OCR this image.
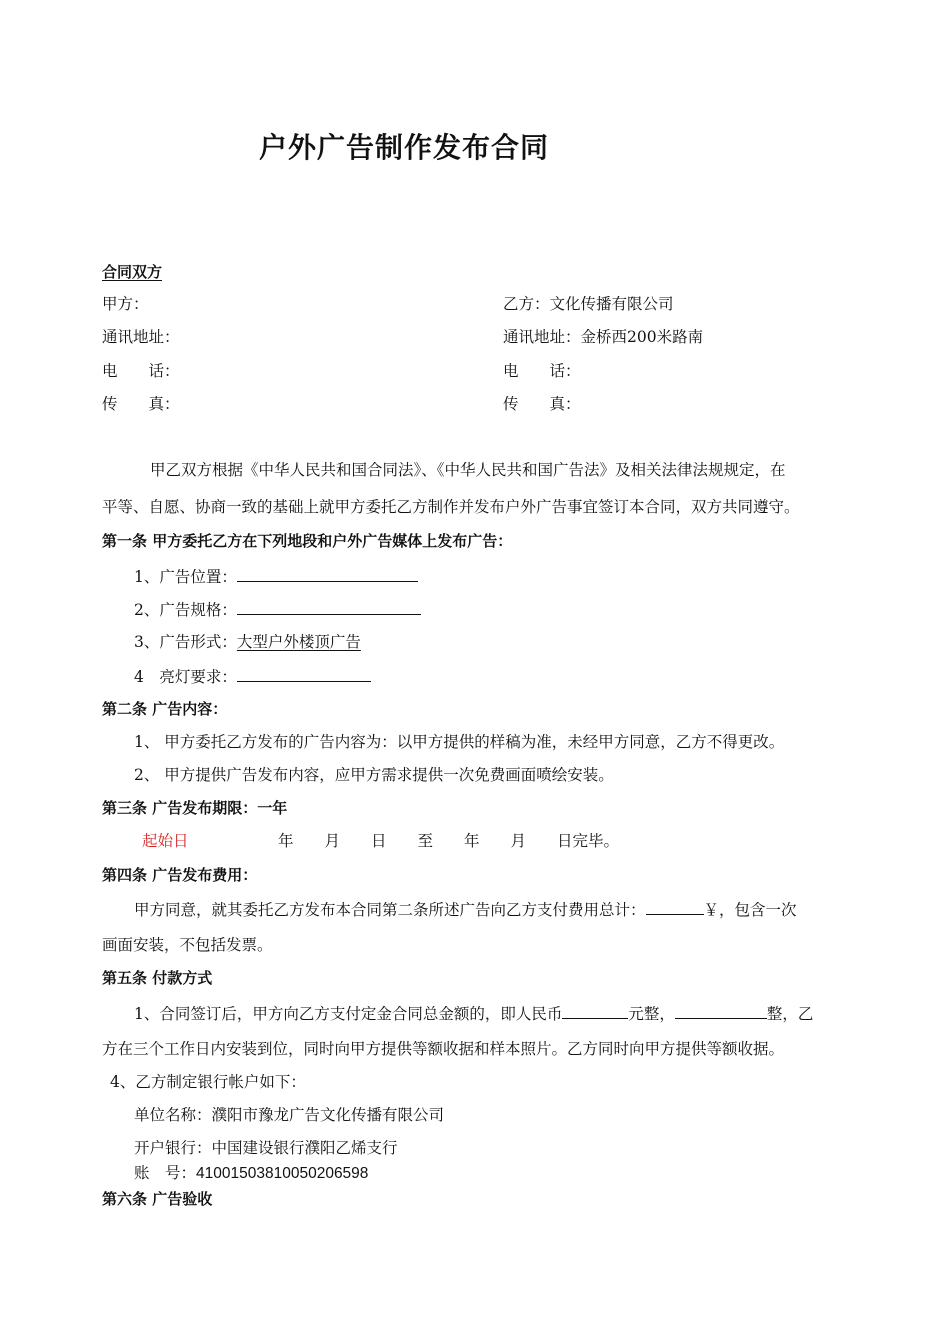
户外广告制作发布合同
合同双方
甲方：	乙方：文化传播有限公司
通讯地址：	通讯地址：金桥西200米路南
电　　话：	电　　话：
传　　真：	传　　真：
甲乙双方根据《中华人民共和国合同法》、《中华人民共和国广告法》及相关法律法规规定，在
平等、自愿、协商一致的基础上就甲方委托乙方制作并发布户外广告事宜签订本合同，双方共同遵守。
第一条 甲方委托乙方在下列地段和户外广告媒体上发布广告：
1、广告位置：
2、广告规格：
3、广告形式：大型户外楼顶广告
4　亮灯要求：
第二条 广告内容：
1、 甲方委托乙方发布的广告内容为：以甲方提供的样稿为准，未经甲方同意，乙方不得更改。
2、 甲方提供广告发布内容，应甲方需求提供一次免费画面喷绘安装。
第三条 广告发布期限：一年
起始日	年　　月　　日　　至　　年　　月　　日完毕。
第四条 广告发布费用：
甲方同意，就其委托乙方发布本合同第二条所述广告向乙方支付费用总计：	￥，包含一次
画面安装，不包括发票。
第五条 付款方式
1、合同签订后，甲方向乙方支付定金合同总金额的，即人民币	元整，	整，乙
方在三个工作日内安装到位，同时向甲方提供等额收据和样本照片。乙方同时向甲方提供等额收据。
4、乙方制定银行帐户如下：
单位名称：濮阳市豫龙广告文化传播有限公司
开户银行：中国建设银行濮阳乙烯支行
账　号：41001503810050206598
第六条 广告验收
